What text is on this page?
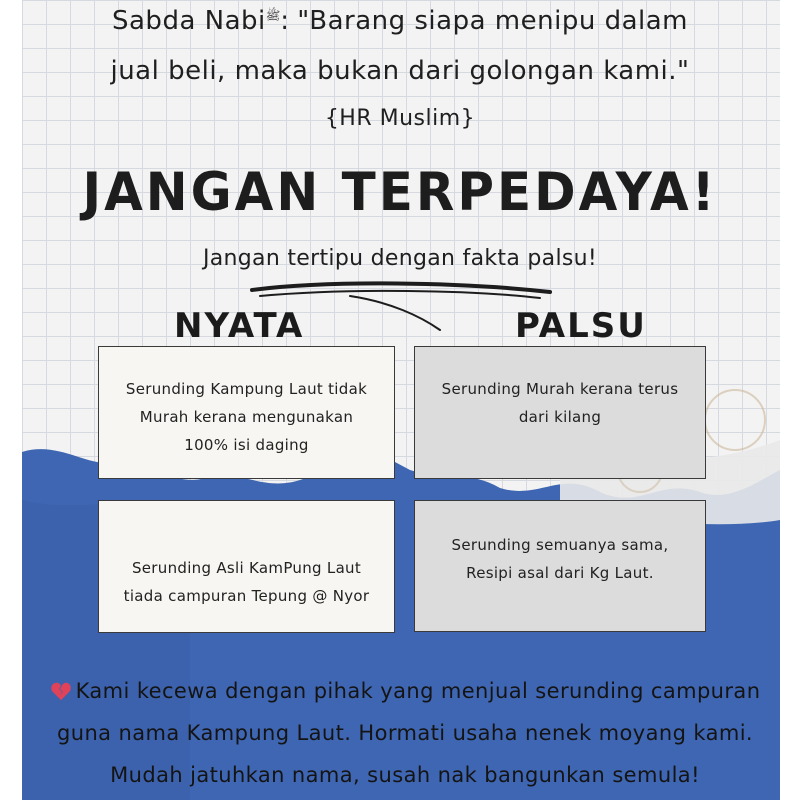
Sabda Nabi$^ﷺ$: "Barang siapa menipu dalam
jual beli, maka bukan dari golongan kami."
{HR Muslim}
JANGAN TERPEDAYA!
Jangan tertipu dengan fakta palsu!
NYATA	PALSU
Serunding Kampung Laut tidak
Murah kerana mengunakan
100% isi daging
Serunding Murah kerana terus
dari kilang
Serunding Asli KamPung Laut
tiada campuran Tepung @ Nyor
Serunding semuanya sama,
Resipi asal dari Kg Laut.
Kami kecewa dengan pihak yang menjual serunding campuran
guna nama Kampung Laut. Hormati usaha nenek moyang kami.
Mudah jatuhkan nama, susah nak bangunkan semula!
